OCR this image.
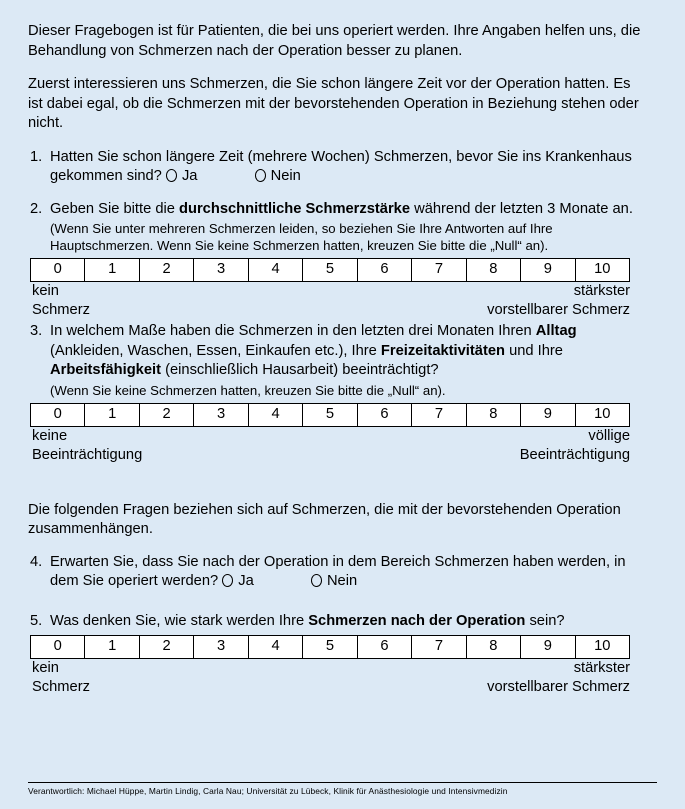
Dieser Fragebogen ist für Patienten, die bei uns operiert werden. Ihre Angaben helfen uns, die Behandlung von Schmerzen nach der Operation besser zu planen.

Zuerst interessieren uns Schmerzen, die Sie schon längere Zeit vor der Operation hatten. Es ist dabei egal, ob die Schmerzen mit der bevorstehenden Operation in Beziehung stehen oder nicht.

1. Hatten Sie schon längere Zeit (mehrere Wochen) Schmerzen, bevor Sie ins Krankenhaus gekommen sind? Ja	Nein
2. Geben Sie bitte die durchschnittliche Schmerzstärke während der letzten 3 Monate an.
(Wenn Sie unter mehreren Schmerzen leiden, so beziehen Sie Ihre Antworten auf Ihre Hauptschmerzen. Wenn Sie keine Schmerzen hatten, kreuzen Sie bitte die „Null“ an).
0	1	2	3	4	5	6	7	8	9	10
kein
Schmerz
stärkster
vorstellbarer Schmerz
3. In welchem Maße haben die Schmerzen in den letzten drei Monaten Ihren Alltag (Ankleiden, Waschen, Essen, Einkaufen etc.), Ihre Freizeitaktivitäten und Ihre Arbeitsfähigkeit (einschließlich Hausarbeit) beeinträchtigt?
(Wenn Sie keine Schmerzen hatten, kreuzen Sie bitte die „Null“ an).
0	1	2	3	4	5	6	7	8	9	10
keine
Beeinträchtigung
völlige
Beeinträchtigung

Die folgenden Fragen beziehen sich auf Schmerzen, die mit der bevorstehenden Operation zusammenhängen.

4. Erwarten Sie, dass Sie nach der Operation in dem Bereich Schmerzen haben werden, in dem Sie operiert werden? Ja	Nein
5. Was denken Sie, wie stark werden Ihre Schmerzen nach der Operation sein?
0	1	2	3	4	5	6	7	8	9	10
kein
Schmerz
stärkster
vorstellbarer Schmerz
Verantwortlich: Michael Hüppe, Martin Lindig, Carla Nau; Universität zu Lübeck, Klinik für Anästhesiologie und Intensivmedizin
